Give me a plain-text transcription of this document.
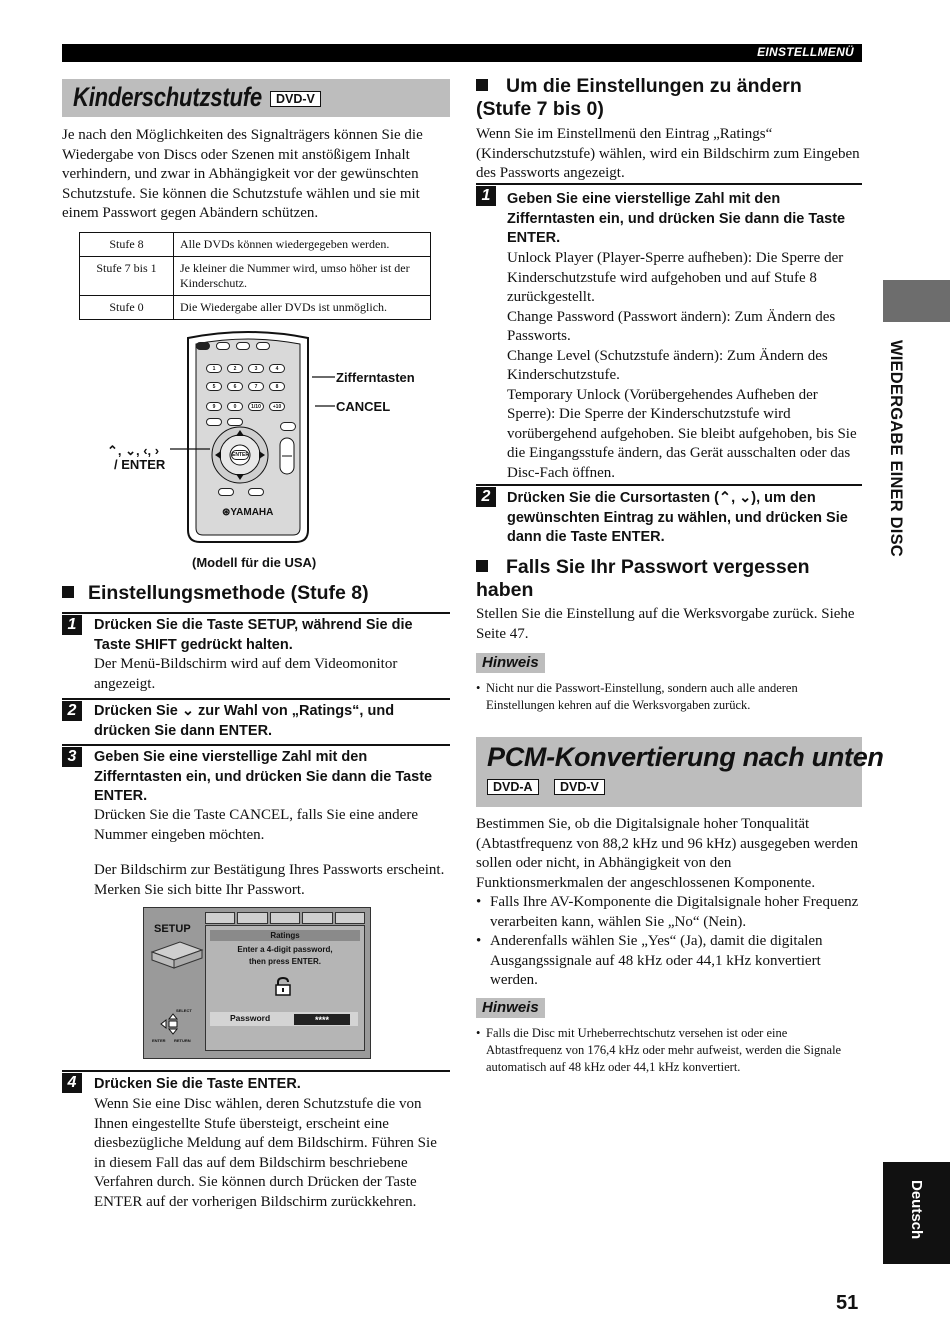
EINSTELLMENÜ
Kinderschutzstufe	DVD-V

Je nach den Möglichkeiten des Signalträgers können Sie die Wiedergabe von Discs oder Szenen mit anstößigem Inhalt verhindern, und zwar in Abhängigkeit vor der gewünschten Schutzstufe. Sie können die Schutzstufe wählen und sie mit einem Passwort gegen Abändern schützen.

Stufe 8	Alle DVDs können wiedergegeben werden.
Stufe 7 bis 1	Je kleiner die Nummer wird, umso höher ist der Kinderschutz.
Stufe 0	Die Wiedergabe aller DVDs ist unmöglich.
1	2	3	4
5	6	7	8
9	0	1/10	+10
ENTER
⊛YAMAHA
Zifferntasten
CANCEL
⌃, ⌄, ‹, ›
/ ENTER
(Modell für die USA)
Einstellungsmethode (Stufe 8)
1	Drücken Sie die Taste SETUP, während Sie die Taste SHIFT gedrückt halten.
Der Menü-Bildschirm wird auf dem Videomonitor angezeigt.
2	Drücken Sie ⌄ zur Wahl von „Ratings“, und drücken Sie dann ENTER.
3	Geben Sie eine vierstellige Zahl mit den Zifferntasten ein, und drücken Sie dann die Taste ENTER.
Drücken Sie die Taste CANCEL, falls Sie eine andere Nummer eingeben möchten.
Der Bildschirm zur Bestätigung Ihres Passworts erscheint. Merken Sie sich bitte Ihr Passwort.
SETUP
Ratings
Enter a 4-digit password,
then press ENTER.
Password	****
SELECT
ENTER RETURN
4	Drücken Sie die Taste ENTER.
Wenn Sie eine Disc wählen, deren Schutzstufe die von Ihnen eingestellte Stufe übersteigt, erscheint eine diesbezügliche Meldung auf dem Bildschirm. Führen Sie in diesem Fall das auf dem Bildschirm beschriebene Verfahren durch. Sie können durch Drücken der Taste ENTER auf der vorherigen Bildschirm zurückkehren.
Um die Einstellungen zu ändern (Stufe 7 bis 0)

Wenn Sie im Einstellmenü den Eintrag „Ratings“ (Kinderschutzstufe) wählen, wird ein Bildschirm zum Eingeben des Passworts angezeigt.

1	Geben Sie eine vierstellige Zahl mit den Zifferntasten ein, und drücken Sie dann die Taste ENTER.
Unlock Player (Player-Sperre aufheben): Die Sperre der Kinderschutzstufe wird aufgehoben und auf Stufe 8 zurückgestellt.
Change Password (Passwort ändern): Zum Ändern des Passworts.
Change Level (Schutzstufe ändern): Zum Ändern des Kinderschutzstufe.
Temporary Unlock (Vorübergehendes Aufheben der Sperre): Die Sperre der Kinderschutzstufe wird vorübergehend aufgehoben. Sie bleibt aufgehoben, bis Sie die Eingangsstufe ändern, das Gerät ausschalten oder das Disc-Fach öffnen.
2	Drücken Sie die Cursortasten (⌃, ⌄), um den gewünschten Eintrag zu wählen, und drücken Sie dann die Taste ENTER.
Falls Sie Ihr Passwort vergessen haben

Stellen Sie die Einstellung auf die Werksvorgabe zurück. Siehe Seite 47.

Hinweis
• Nicht nur die Passwort-Einstellung, sondern auch alle anderen Einstellungen kehren auf die Werksvorgaben zurück.
PCM-Konvertierung nach unten
DVD-A	DVD-V

Bestimmen Sie, ob die Digitalsignale hoher Tonqualität (Abtastfrequenz von 88,2 kHz und 96 kHz) ausgegeben werden sollen oder nicht, in Abhängigkeit von den Funktionsmerkmalen der angeschlossenen Komponente.

• Falls Ihre AV-Komponente die Digitalsignale hoher Frequenz verarbeiten kann, wählen Sie „No“ (Nein).
• Anderenfalls wählen Sie „Yes“ (Ja), damit die digitalen Ausgangssignale auf 48 kHz oder 44,1 kHz konvertiert werden.
Hinweis
• Falls die Disc mit Urheberrechtschutz versehen ist oder eine Abtastfrequenz von 176,4 kHz oder mehr aufweist, werden die Signale automatisch auf 48 kHz oder 44,1 kHz konvertiert.
WIEDERGABE EINER DISC
Deutsch
51
